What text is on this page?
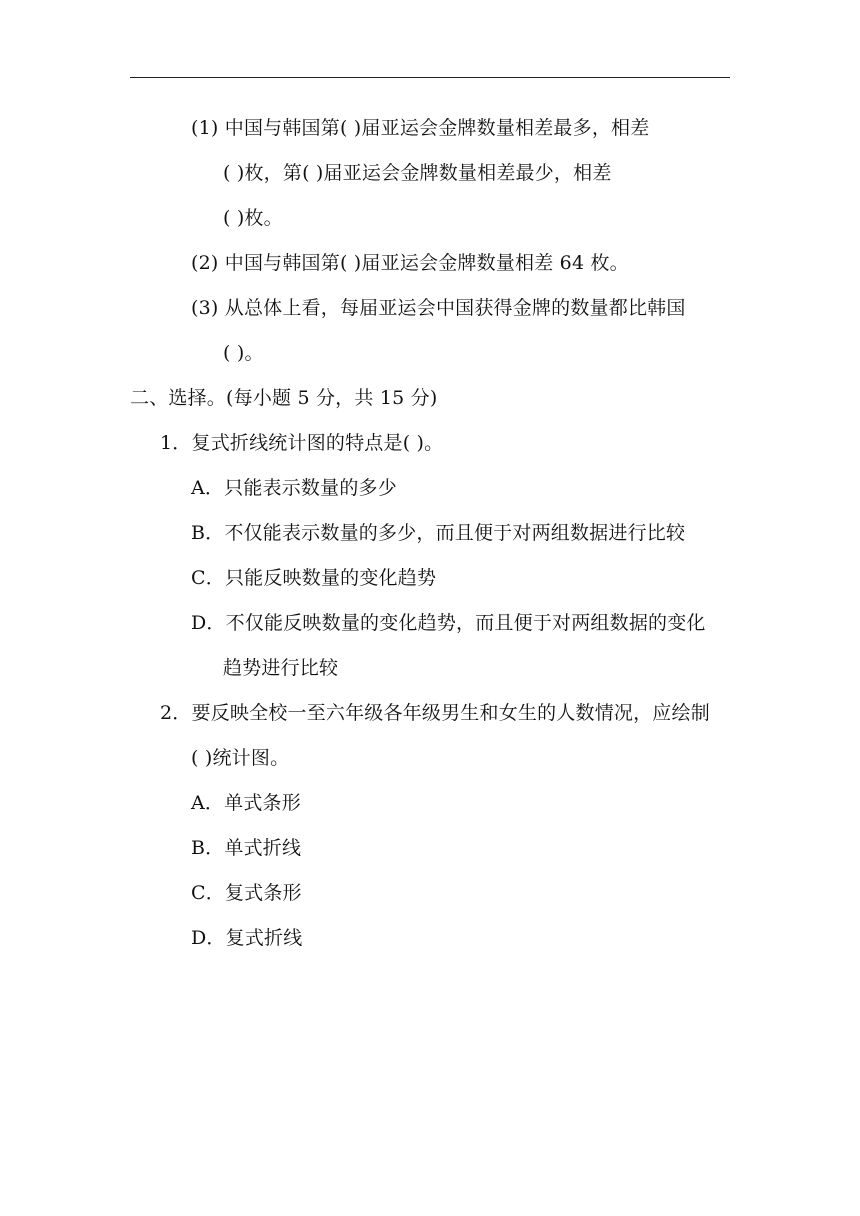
(1) 中国与韩国第( )届亚运会金牌数量相差最多，相差
( )枚，第( )届亚运会金牌数量相差最少，相差
( )枚。
(2) 中国与韩国第( )届亚运会金牌数量相差 64 枚。
(3) 从总体上看，每届亚运会中国获得金牌的数量都比韩国
( )。
二、选择。(每小题 5 分，共 15 分)
1．复式折线统计图的特点是( )。
A．只能表示数量的多少
B．不仅能表示数量的多少，而且便于对两组数据进行比较
C．只能反映数量的变化趋势
D．不仅能反映数量的变化趋势，而且便于对两组数据的变化
趋势进行比较
2．要反映全校一至六年级各年级男生和女生的人数情况，应绘制
( )统计图。
A．单式条形
B．单式折线
C．复式条形
D．复式折线
